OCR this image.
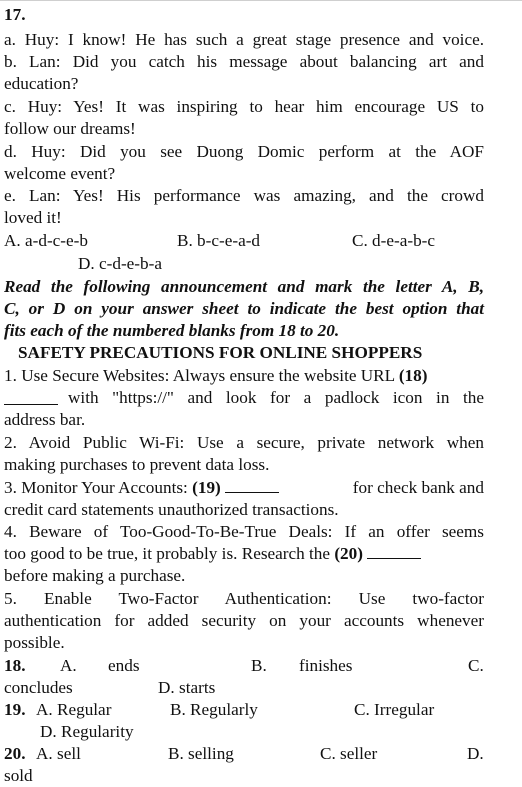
17.
a. Huy: I know! He has such a great stage presence and voice.
b. Lan: Did you catch his message about balancing art and
education?
c. Huy: Yes! It was inspiring to hear him encourage US to
follow our dreams!
d. Huy: Did you see Duong Domic perform at the AOF
welcome event?
e. Lan: Yes! His performance was amazing, and the crowd
loved it!
A. a-d-c-e-b	B. b-c-e-a-d	C. d-e-a-b-c
D. c-d-e-b-a
Read the following announcement and mark the letter A, B,
C, or D on your answer sheet to indicate the best option that
fits each of the numbered blanks from 18 to 20.
SAFETY PRECAUTIONS FOR ONLINE SHOPPERS
1. Use Secure Websites: Always ensure the website URL (18)
with "https://" and look for a padlock icon in the
address bar.
2. Avoid Public Wi-Fi: Use a secure, private network when
making purchases to prevent data loss.
3. Monitor Your Accounts: (19)	for check bank and
credit card statements unauthorized transactions.
4. Beware of Too-Good-To-Be-True Deals: If an offer seems
too good to be true, it probably is. Research the (20)
before making a purchase.
5. Enable Two-Factor Authentication: Use two-factor
authentication for added security on your accounts whenever
possible.
18. A. ends	B. finishes	C.
concludes	D. starts
19. A. Regular	B. Regularly	C. Irregular
D. Regularity
20. A. sell	B. selling	C. seller	D.
sold
